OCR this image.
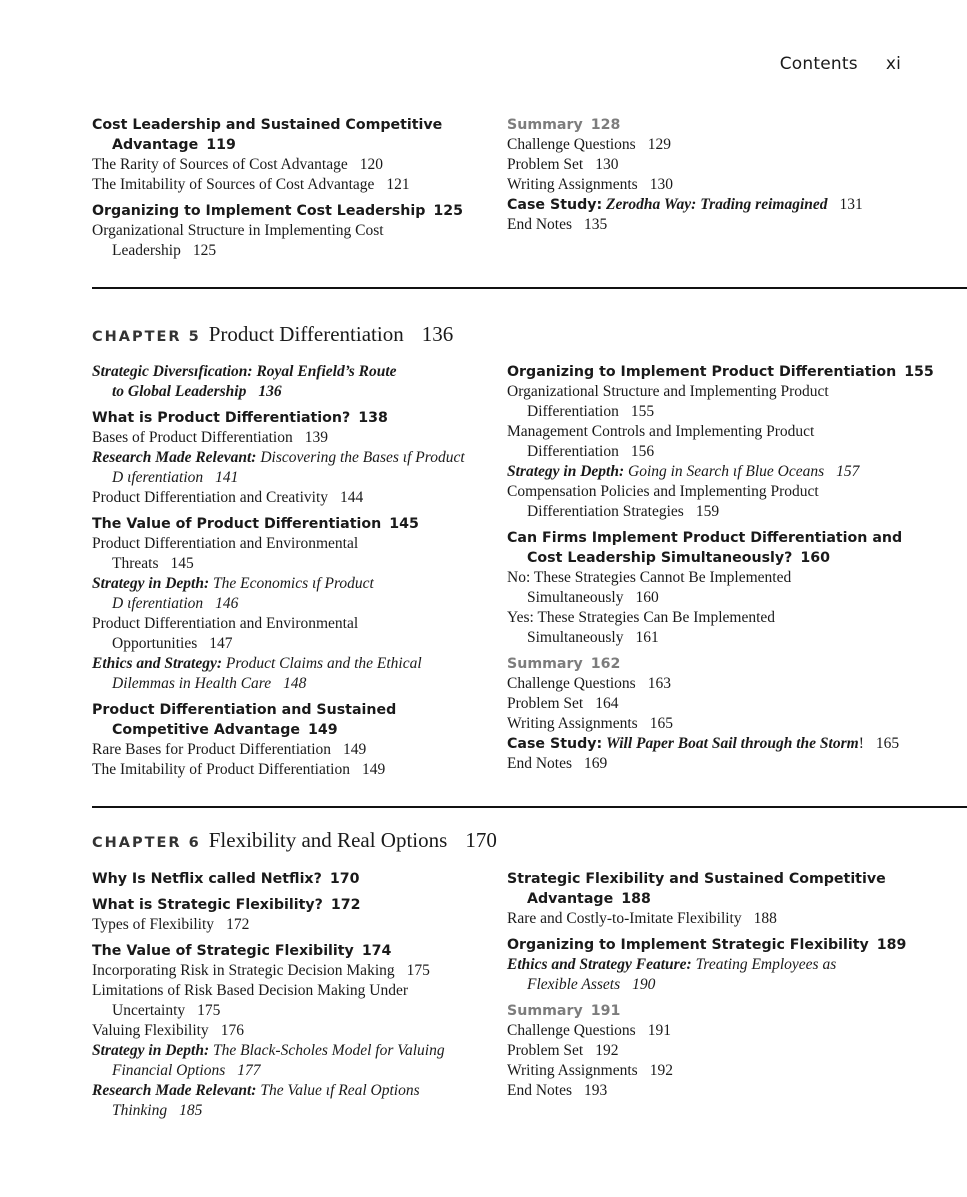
Contents xi
Cost Leadership and Sustained Competitive
Advantage 119
The Rarity of Sources of Cost Advantage 120
The Imitability of Sources of Cost Advantage 121
Organizing to Implement Cost Leadership 125
Organizational Structure in Implementing Cost
Leadership 125
Summary 128
Challenge Questions 129
Problem Set 130
Writing Assignments 130
Case Study: Zerodha Way: Trading reimagined 131
End Notes 135
CHAPTER 5 Product Differentiation 136
Strategic Diversıfication: Royal Enfield’s Route
to Global Leadership 136
What is Product Differentiation? 138
Bases of Product Differentiation 139
Research Made Relevant: Discovering the Bases ɩf Product
D ɩferentiation 141
Product Differentiation and Creativity 144
The Value of Product Differentiation 145
Product Differentiation and Environmental
Threats 145
Strategy in Depth: The Economics ɩf Product
D ɩferentiation 146
Product Differentiation and Environmental
Opportunities 147
Ethics and Strategy: Product Claims and the Ethical
Dilemmas in Health Care 148
Product Differentiation and Sustained
Competitive Advantage 149
Rare Bases for Product Differentiation 149
The Imitability of Product Differentiation 149
Organizing to Implement Product Differentiation 155
Organizational Structure and Implementing Product
Differentiation 155
Management Controls and Implementing Product
Differentiation 156
Strategy in Depth: Going in Search ɩf Blue Oceans 157
Compensation Policies and Implementing Product
Differentiation Strategies 159
Can Firms Implement Product Differentiation and
Cost Leadership Simultaneously? 160
No: These Strategies Cannot Be Implemented
Simultaneously 160
Yes: These Strategies Can Be Implemented
Simultaneously 161
Summary 162
Challenge Questions 163
Problem Set 164
Writing Assignments 165
Case Study: Will Paper Boat Sail through the Storm! 165
End Notes 169
CHAPTER 6 Flexibility and Real Options 170
Why Is Netflix called Netflix? 170
What is Strategic Flexibility? 172
Types of Flexibility 172
The Value of Strategic Flexibility 174
Incorporating Risk in Strategic Decision Making 175
Limitations of Risk Based Decision Making Under
Uncertainty 175
Valuing Flexibility 176
Strategy in Depth: The Black-Scholes Model for Valuing
Financial Options 177
Research Made Relevant: The Value ɩf Real Options
Thinking 185
Strategic Flexibility and Sustained Competitive
Advantage 188
Rare and Costly-to-Imitate Flexibility 188
Organizing to Implement Strategic Flexibility 189
Ethics and Strategy Feature: Treating Employees as
Flexible Assets 190
Summary 191
Challenge Questions 191
Problem Set 192
Writing Assignments 192
End Notes 193
